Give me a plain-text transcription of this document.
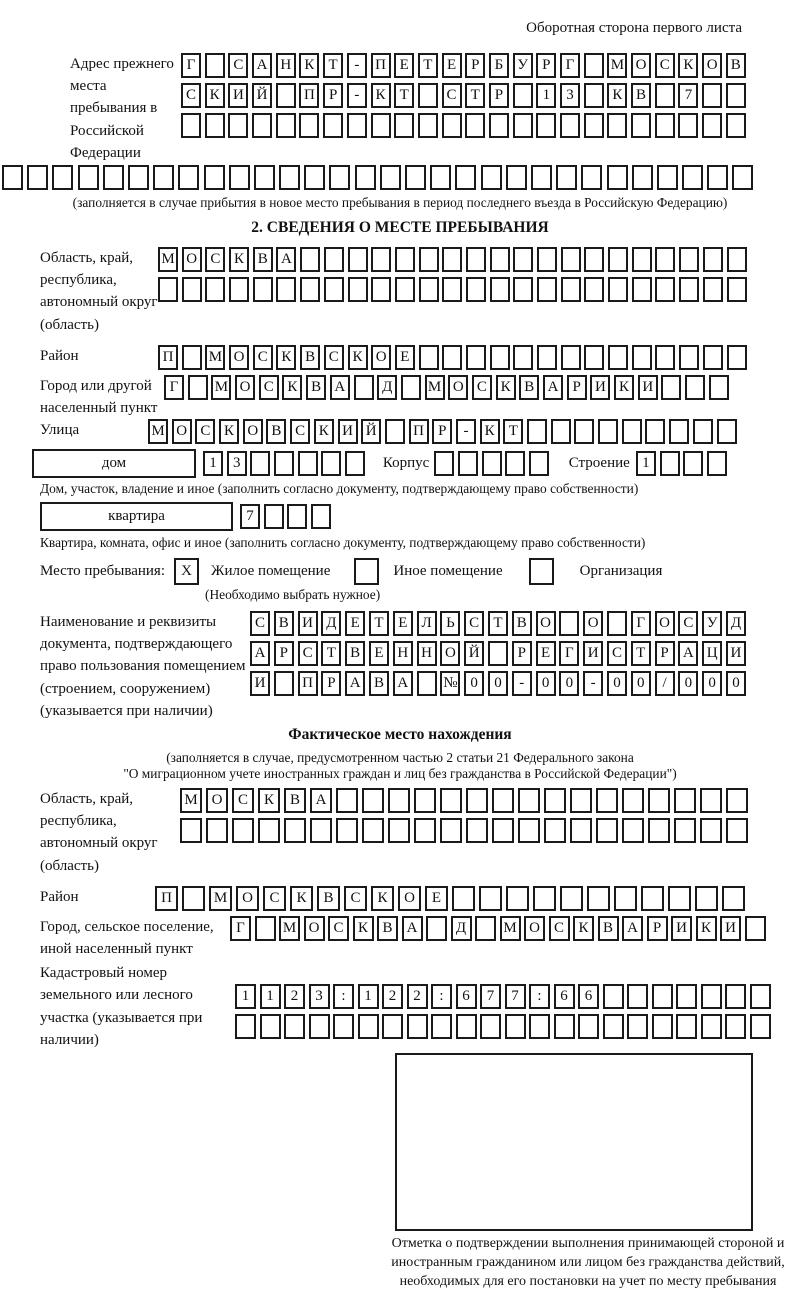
Оборотная сторона первого листа
Адрес прежнего места пребывания в Российской Федерации
Г	С А Н К Т	-	П Е Т Е Р	Б У Р	Г	М О С К О В
С К И Й	П Р	-	К Т	С Т Р	1	3	К В	7
(заполняется в случае прибытия в новое место пребывания в период последнего въезда в Российскую Федерацию)
2. СВЕДЕНИЯ О МЕСТЕ ПРЕБЫВАНИЯ
Область, край, республика, автономный округ (область)
М О С К В А
Район	П	М О С К В С К О Е
Город или другой населенный пункт
Г	М О С К В А	Д	М О С К В А Р И К И
Улица	М О С К О В С К И Й	П Р	-	К Т
дом	1	3	Корпус	Строение 1
Дом, участок, владение и иное (заполнить согласно документу, подтверждающему право собственности)
квартира	7
Квартира, комната, офис и иное (заполнить согласно документу, подтверждающему право собственности)
Место пребывания:	X	Жилое помещение	Иное помещение	Организация
(Необходимо выбрать нужное)
Наименование и реквизиты документа, подтверждающего право пользования помещением (строением, сооружением) (указывается при наличии)
С В И Д Е Т Е Л Ь С Т В О	О	Г О С У Д
А Р С Т В Е Н Н О Й	Р	Е Г И С Т	Р А Ц И
И	П Р А В А	№ 0	0	-	0	0	-	0	0	/	0	0	0
Фактическое место нахождения
(заполняется в случае, предусмотренном частью 2 статьи 21 Федерального закона
"О миграционном учете иностранных граждан и лиц без гражданства в Российской Федерации")
Область, край, республика, автономный округ (область)
М О	С	К	В	А
Район	П	М О	С	К	В	С	К	О	Е
Город, сельское поселение, иной населенный пункт
Г	М О С К В А	Д	М О С К В А Р И К И
Кадастровый номер земельного или лесного участка (указывается при наличии)
1	1	2	3	:	1	2	2	:	6	7	7	:	6	6
Отметка о подтверждении выполнения принимающей стороной и иностранным гражданином или лицом без гражданства действий, необходимых для его постановки на учет по месту пребывания
